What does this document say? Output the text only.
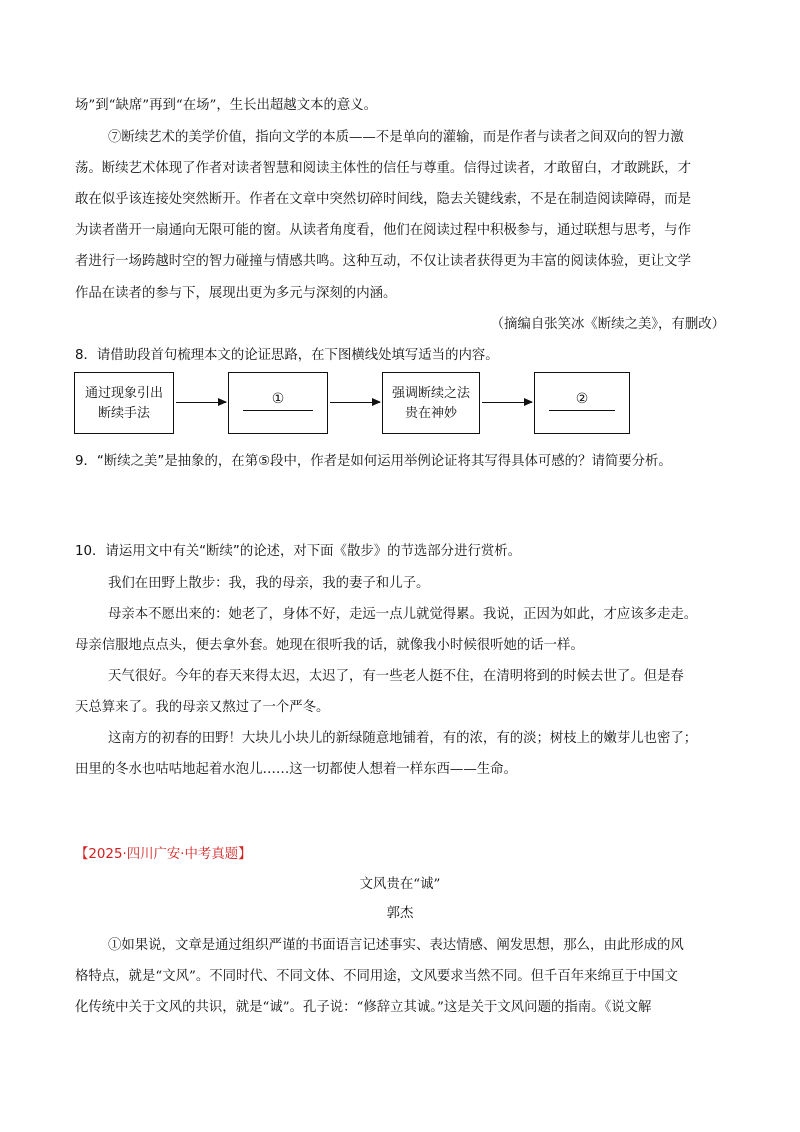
场”到“缺席”再到“在场”，生长出超越文本的意义。
⑦断续艺术的美学价值，指向文学的本质——不是单向的灌输，而是作者与读者之间双向的智力激
荡。断续艺术体现了作者对读者智慧和阅读主体性的信任与尊重。信得过读者，才敢留白，才敢跳跃，才
敢在似乎该连接处突然断开。作者在文章中突然切碎时间线，隐去关键线索，不是在制造阅读障碍，而是
为读者凿开一扇通向无限可能的窗。从读者角度看，他们在阅读过程中积极参与，通过联想与思考，与作
者进行一场跨越时空的智力碰撞与情感共鸣。这种互动，不仅让读者获得更为丰富的阅读体验，更让文学
作品在读者的参与下，展现出更为多元与深刻的内涵。
（摘编自张笑冰《断续之美》，有删改）
8．请借助段首句梳理本文的论证思路，在下图横线处填写适当的内容。
通过现象引出
断续手法
①	强调断续之法
贵在神妙
②
9．“断续之美”是抽象的，在第⑤段中，作者是如何运用举例论证将其写得具体可感的？请简要分析。
10．请运用文中有关“断续”的论述，对下面《散步》的节选部分进行赏析。
我们在田野上散步：我，我的母亲，我的妻子和儿子。
母亲本不愿出来的：她老了，身体不好，走远一点儿就觉得累。我说，正因为如此，才应该多走走。
母亲信服地点点头，便去拿外套。她现在很听我的话，就像我小时候很听她的话一样。
天气很好。今年的春天来得太迟，太迟了，有一些老人挺不住，在清明将到的时候去世了。但是春
天总算来了。我的母亲又熬过了一个严冬。
这南方的初春的田野！大块儿小块儿的新绿随意地铺着，有的浓，有的淡；树枝上的嫩芽儿也密了；
田里的冬水也咕咕地起着水泡儿……这一切都使人想着一样东西——生命。
【2025·四川广安·中考真题】
文风贵在“诚”
郭杰
①如果说，文章是通过组织严谨的书面语言记述事实、表达情感、阐发思想，那么，由此形成的风
格特点，就是“文风”。不同时代、不同文体、不同用途，文风要求当然不同。但千百年来绵亘于中国文
化传统中关于文风的共识，就是“诚”。孔子说：“修辞立其诚。”这是关于文风问题的指南。《说文解
